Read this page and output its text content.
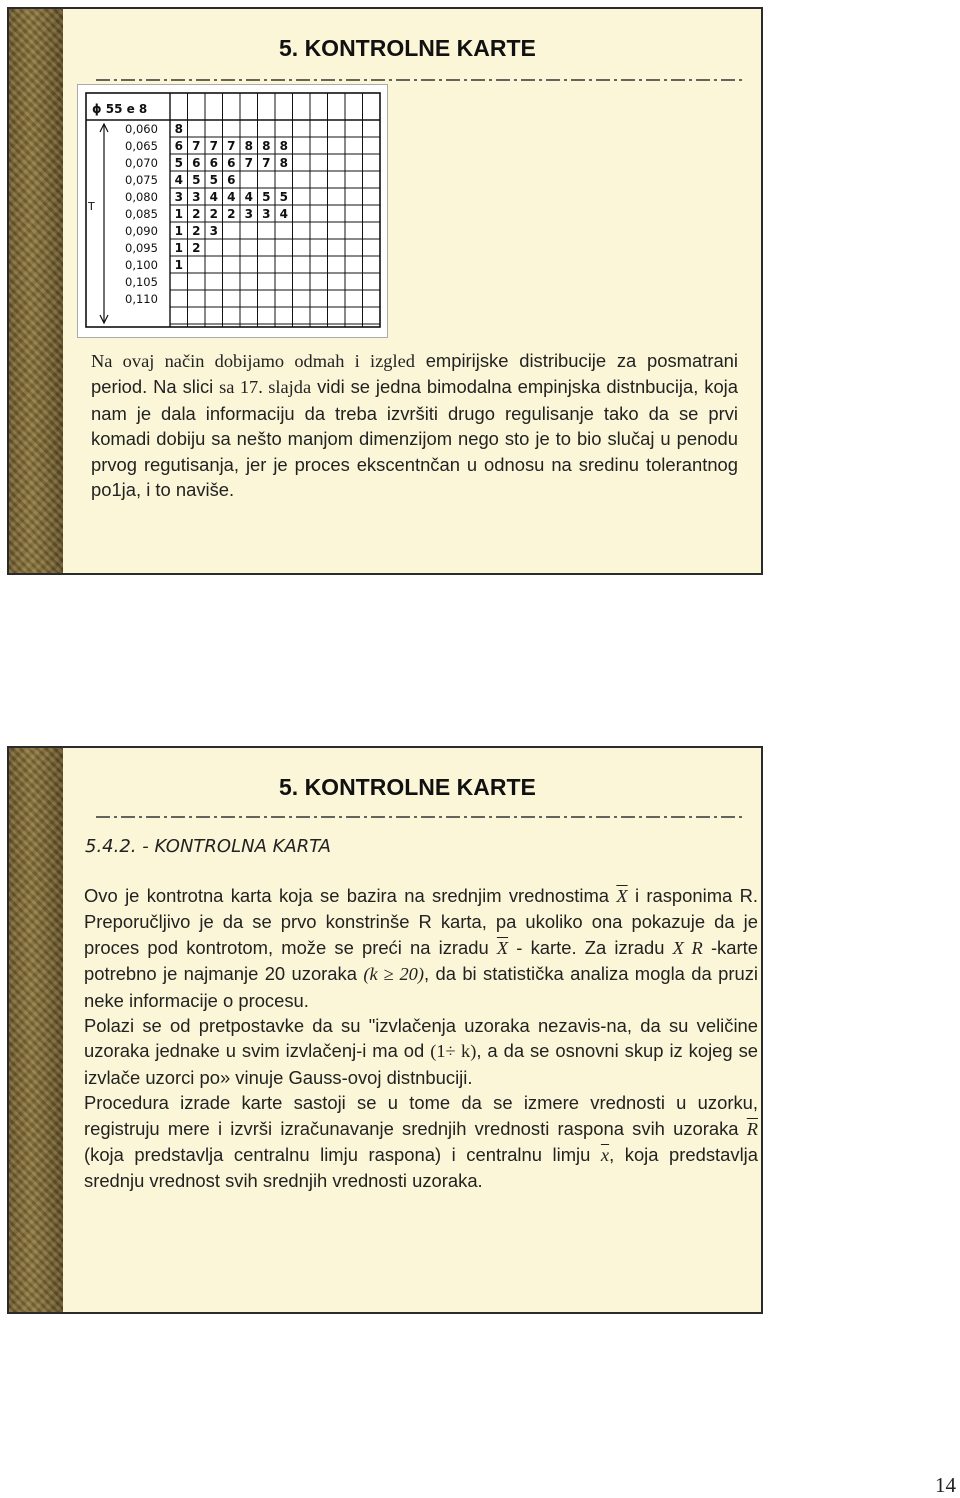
5. KONTROLNE KARTE
ϕ 55 e 8
T
0,060 8
0,065 6 7 7 7 8 8 8
0,070 5 6 6 6 7 7 8
0,075 4 5 5 6
0,080 3 3 4 4 4 5 5
0,085 1 2 2 2 3 3 4
0,090 1 2 3
0,095 1 2
0,100 1
0,105
0,110
Na ovaj način dobijamo odmah i izgled empirijske distribucije za posmatrani period. Na slici sa 17. slajda vidi se jedna bimodalna empinjska distnbucija, koja nam je dala informaciju da treba izvršiti drugo regulisanje tako da se prvi komadi dobiju sa nešto manjom dimenzijom nego sto je to bio slučaj u penodu prvog regutisanja, jer je proces ekscentnčan u odnosu na sredinu tolerantnog po1ja, i to naviše.
5. KONTROLNE KARTE
5.4.2. - KONTROLNA KARTA
Ovo je kontrotna karta koja se bazira na srednjim vrednostima $\overline{X}$ i rasponima R. Preporučljivo je da se prvo konstrinše R karta, pa ukoliko ona pokazuje da je proces pod kontrotom, može se preći na izradu $\overline{X}$ - karte. Za izradu X R -karte potrebno je najmanje 20 uzoraka (k ≥ 20), da bi statistička analiza mogla da pruzi neke informacije o procesu.
Polazi se od pretpostavke da su "izvlačenja uzoraka nezavis-na, da su veličine uzoraka jednake u svim izvlačenj-i ma od (1÷ k), a da se osnovni skup iz kojeg se izvlače uzorci po» vinuje Gauss-ovoj distnbuciji.
Procedura izrade karte sastoji se u tome da se izmere vrednosti u uzorku, registruju mere i izvrši izračunavanje srednjih vrednosti raspona svih uzoraka $\overline{R}$ (koja predstavlja centralnu limju raspona) i centralnu limju $\overline{x}$, koja predstavlja srednju vrednost svih srednjih vrednosti uzoraka.
14
